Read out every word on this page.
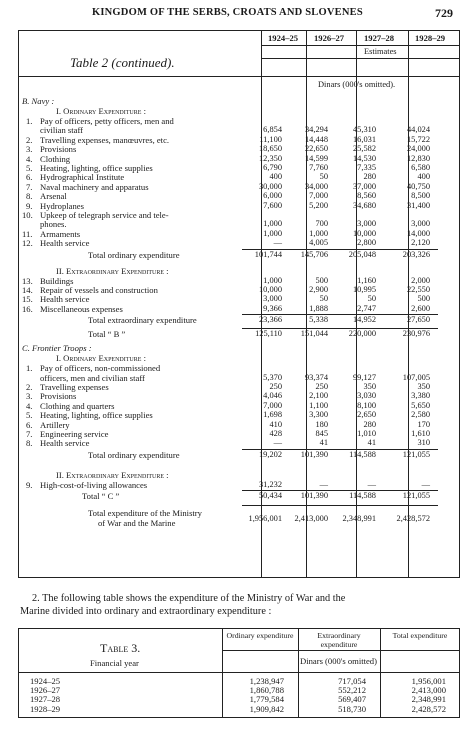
KINGDOM OF THE SERBS, CROATS AND SLOVENES	729
Table 2 (continued).
1924–25 1926–27 1927–28 1928–29
Estimates
Dinars (000's omitted).
B. Navy :
I. Ordinary Expenditure :
1. Pay of officers, petty officers, men and
civilian staff	6,854	34,294	45,310	44,024
2. Travelling expenses, manœuvres, etc.	11,100	14,448	16,031	15,722
3. Provisions	18,650	22,650	25,582	24,000
4. Clothing	12,350	14,599	14,530	12,830
5. Heating, lighting, office supplies	6,790	7,760	7,335	6,580
6. Hydrographical Institute	400	50	280	400
7. Naval machinery and apparatus	30,000	34,000	37,000	40,750
8. Arsenal	6,000	7,000	8,560	8,500
9. Hydroplanes	7,600	5,200	34,680	31,400
10. Upkeep of telegraph service and tele-
phones.	1,000	700	3,000	3,000
11. Armaments	1,000	1,000	10,000	14,000
12. Health service	—	4,005	2,800	2,120
Total ordinary expenditure	101,744	145,706	205,048	203,326
II. Extraordinary Expenditure :
13. Buildings	1,000	500	1,160	2,000
14. Repair of vessels and construction	10,000	2,900	10,995	22,550
15. Health service	3,000	50	50	500
16. Miscellaneous expenses	9,366	1,888	2,747	2,600
Total extraordinary expenditure	23,366	5,338	14,952	27,650
Total “ B ”	125,110	151,044	220,000	230,976
C. Frontier Troops :
I. Ordinary Expenditure :
1. Pay of officers, non-commissioned
officers, men and civilian staff	5,370	93,374	99,127	107,005
2. Travelling expenses	250	250	350	350
3. Provisions	4,046	2,100	3,030	3,380
4. Clothing and quarters	7,000	1,100	8,100	5,650
5. Heating, lighting, office supplies	1,698	3,300	2,650	2,580
6. Artillery	410	180	280	170
7. Engineering service	428	845	1,010	1,610
8. Health service	—	41	41	310
Total ordinary expenditure	19,202	101,390	114,588	121,055
II. Extraordinary Expenditure :
9. High-cost-of-living allowances	31,232	—	—	—
Total “ C ”	50,434	101,390	114,588	121,055
Total expenditure of the Ministry
of War and the Marine	1,956,001	2,413,000	2,348,991	2,428,572
2. The following table shows the expenditure of the Ministry of War and the
Marine divided into ordinary and extraordinary expenditure :
Table 3.
Ordinary expenditure	Extraordinary expenditure
Total expenditure
Financial year	Dinars (000's omitted)
1924–25	1,238,947	717,054	1,956,001
1926–27	1,860,788	552,212	2,413,000
1927–28	1,779,584	569,407	2,348,991
1928–29	1,909,842	518,730	2,428,572
